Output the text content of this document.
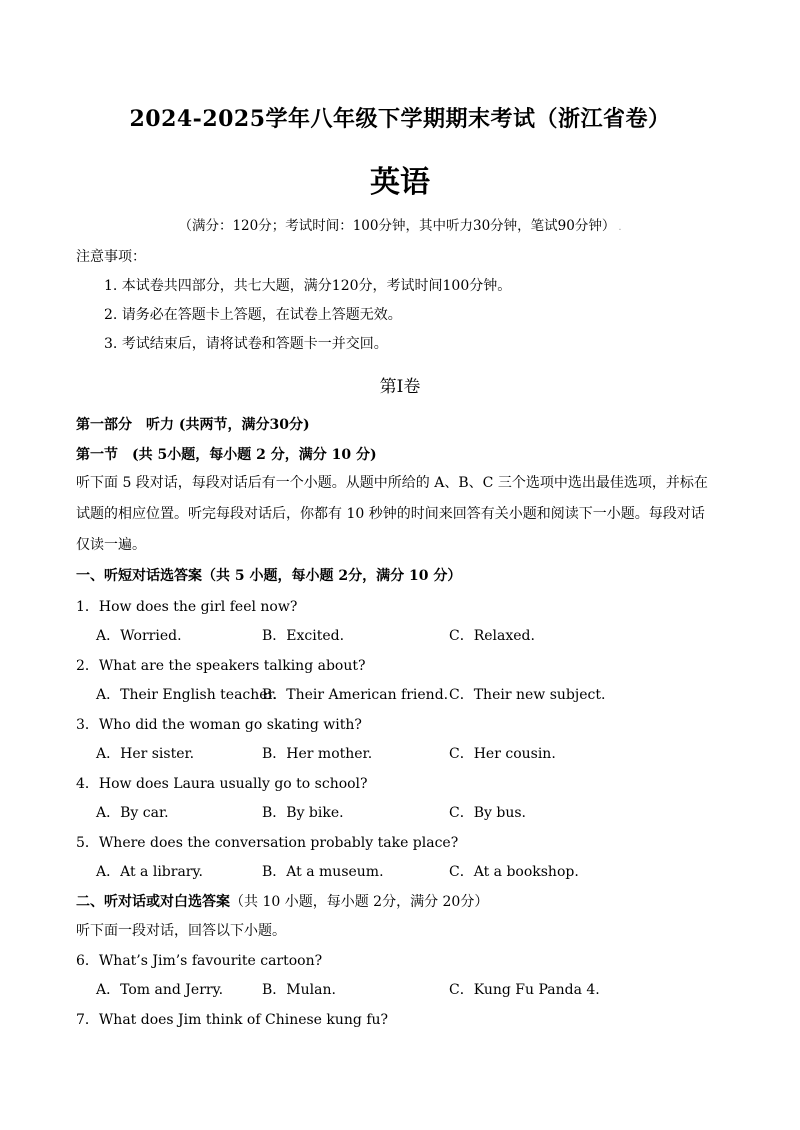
2024-2025学年八年级下学期期末考试（浙江省卷）
英语
（满分：120分；考试时间：100分钟，其中听力30分钟，笔试90分钟） .
注意事项：
1. 本试卷共四部分，共七大题，满分120分，考试时间100分钟。
2. 请务必在答题卡上答题，在试卷上答题无效。
3. 考试结束后，请将试卷和答题卡一并交回。
第I卷
第一部分　听力 (共两节，满分30分)
第一节　(共 5小题，每小题 2 分，满分 10 分)

听下面 5 段对话，每段对话后有一个小题。从题中所给的 A、B、C 三个选项中选出最佳选项，并标在

试题的相应位置。听完每段对话后，你都有 10 秒钟的时间来回答有关小题和阅读下一小题。每段对话

仅读一遍。

一、听短对话选答案（共 5 小题，每小题 2分，满分 10 分）
1．How does the girl feel now?
A．Worried.	B．Excited.	C．Relaxed.
2．What are the speakers talking about?
A．Their English teacher.
B．Their American friend. C．Their new subject.
3．Who did the woman go skating with?
A．Her sister.	B．Her mother.	C．Her cousin.
4．How does Laura usually go to school?
A．By car.	B．By bike.	C．By bus.
5．Where does the conversation probably take place?
A．At a library.	B．At a museum.	C．At a bookshop.
二、听对话或对白选答案（共 10 小题，每小题 2分，满分 20分）
听下面一段对话，回答以下小题。
6．What’s Jim’s favourite cartoon?
A．Tom and Jerry.	B．Mulan.	C．Kung Fu Panda 4.
7．What does Jim think of Chinese kung fu?
